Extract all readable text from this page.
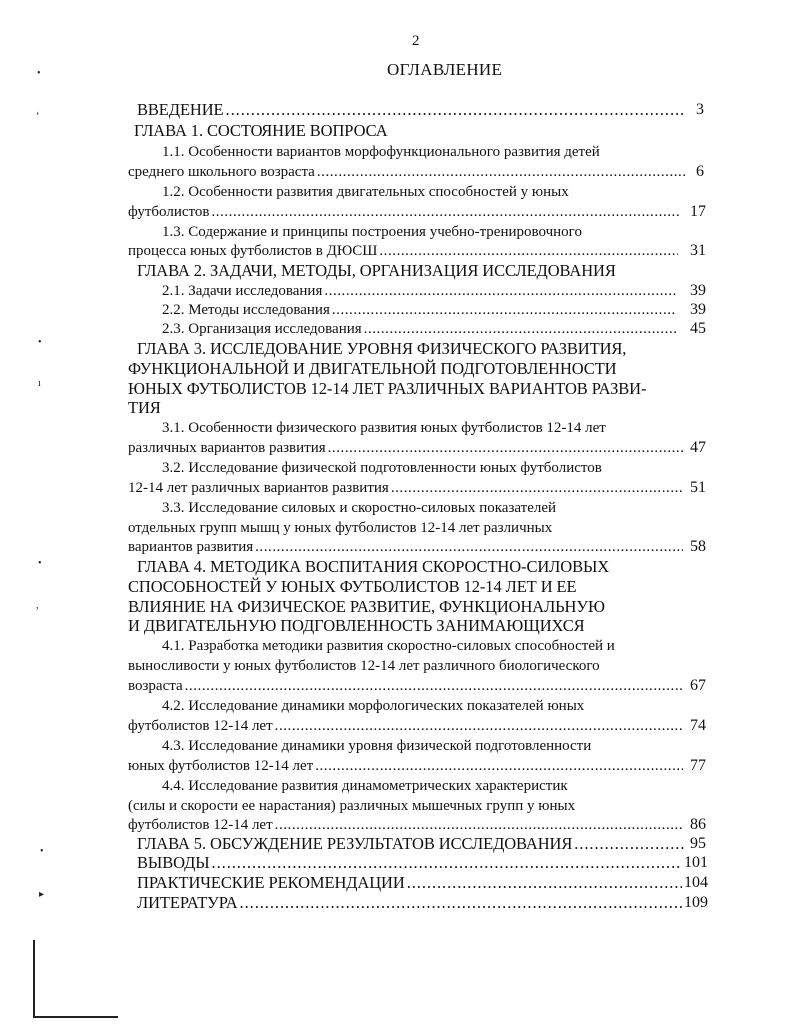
2
ОГЛАВЛЕНИЕ
ВВЕДЕНИЕ . . .	3
ГЛАВА 1. СОСТОЯНИЕ ВОПРОСА
1.1. Особенности вариантов морфофункционального развития детей
среднего школьного возраста . . .	6
1.2. Особенности развития двигательных способностей у юных
футболистов . . .	17
1.3. Содержание и принципы построения учебно-тренировочного
процесса юных футболистов в ДЮСШ . . .	31
ГЛАВА 2. ЗАДАЧИ, МЕТОДЫ, ОРГАНИЗАЦИЯ ИССЛЕДОВАНИЯ
2.1. Задачи исследования . . .	39
2.2. Методы исследования . . .	39
2.3. Организация исследования . . .	45
ГЛАВА 3. ИССЛЕДОВАНИЕ УРОВНЯ ФИЗИЧЕСКОГО РАЗВИТИЯ,
ФУНКЦИОНАЛЬНОЙ И ДВИГАТЕЛЬНОЙ ПОДГОТОВЛЕННОСТИ
ЮНЫХ ФУТБОЛИСТОВ 12-14 ЛЕТ РАЗЛИЧНЫХ ВАРИАНТОВ РАЗВИ-
ТИЯ
3.1. Особенности физического развития юных футболистов 12-14 лет
различных вариантов развития . . .	47
3.2. Исследование физической подготовленности юных футболистов
12-14 лет различных вариантов развития . . .	51
3.3. Исследование силовых и скоростно-силовых показателей
отдельных групп мышц у юных футболистов 12-14 лет различных
вариантов развития . . .	58
ГЛАВА 4. МЕТОДИКА ВОСПИТАНИЯ СКОРОСТНО-СИЛОВЫХ
СПОСОБНОСТЕЙ У ЮНЫХ ФУТБОЛИСТОВ 12-14 ЛЕТ И ЕЕ
ВЛИЯНИЕ НА ФИЗИЧЕСКОЕ РАЗВИТИЕ, ФУНКЦИОНАЛЬНУЮ
И ДВИГАТЕЛЬНУЮ ПОДГОВЛЕННОСТЬ ЗАНИМАЮЩИХСЯ
4.1. Разработка методики развития скоростно-силовых способностей и
выносливости у юных футболистов 12-14 лет различного биологического
возраста . . .	67
4.2. Исследование динамики морфологических показателей юных
футболистов 12-14 лет . . .	74
4.3. Исследование динамики уровня физической подготовленности
юных футболистов 12-14 лет . . .	77
4.4. Исследование развития динамометрических характеристик
(силы и скорости ее нарастания) различных мышечных групп у юных
футболистов 12-14 лет . . .	86
ГЛАВА 5. ОБСУЖДЕНИЕ РЕЗУЛЬТАТОВ ИССЛЕДОВАНИЯ . . .	95
ВЫВОДЫ . . .	101
ПРАКТИЧЕСКИЕ РЕКОМЕНДАЦИИ . . .	104
ЛИТЕРАТУРА . . .	109
•
ʻ
•
ı
•
,
•
▸
